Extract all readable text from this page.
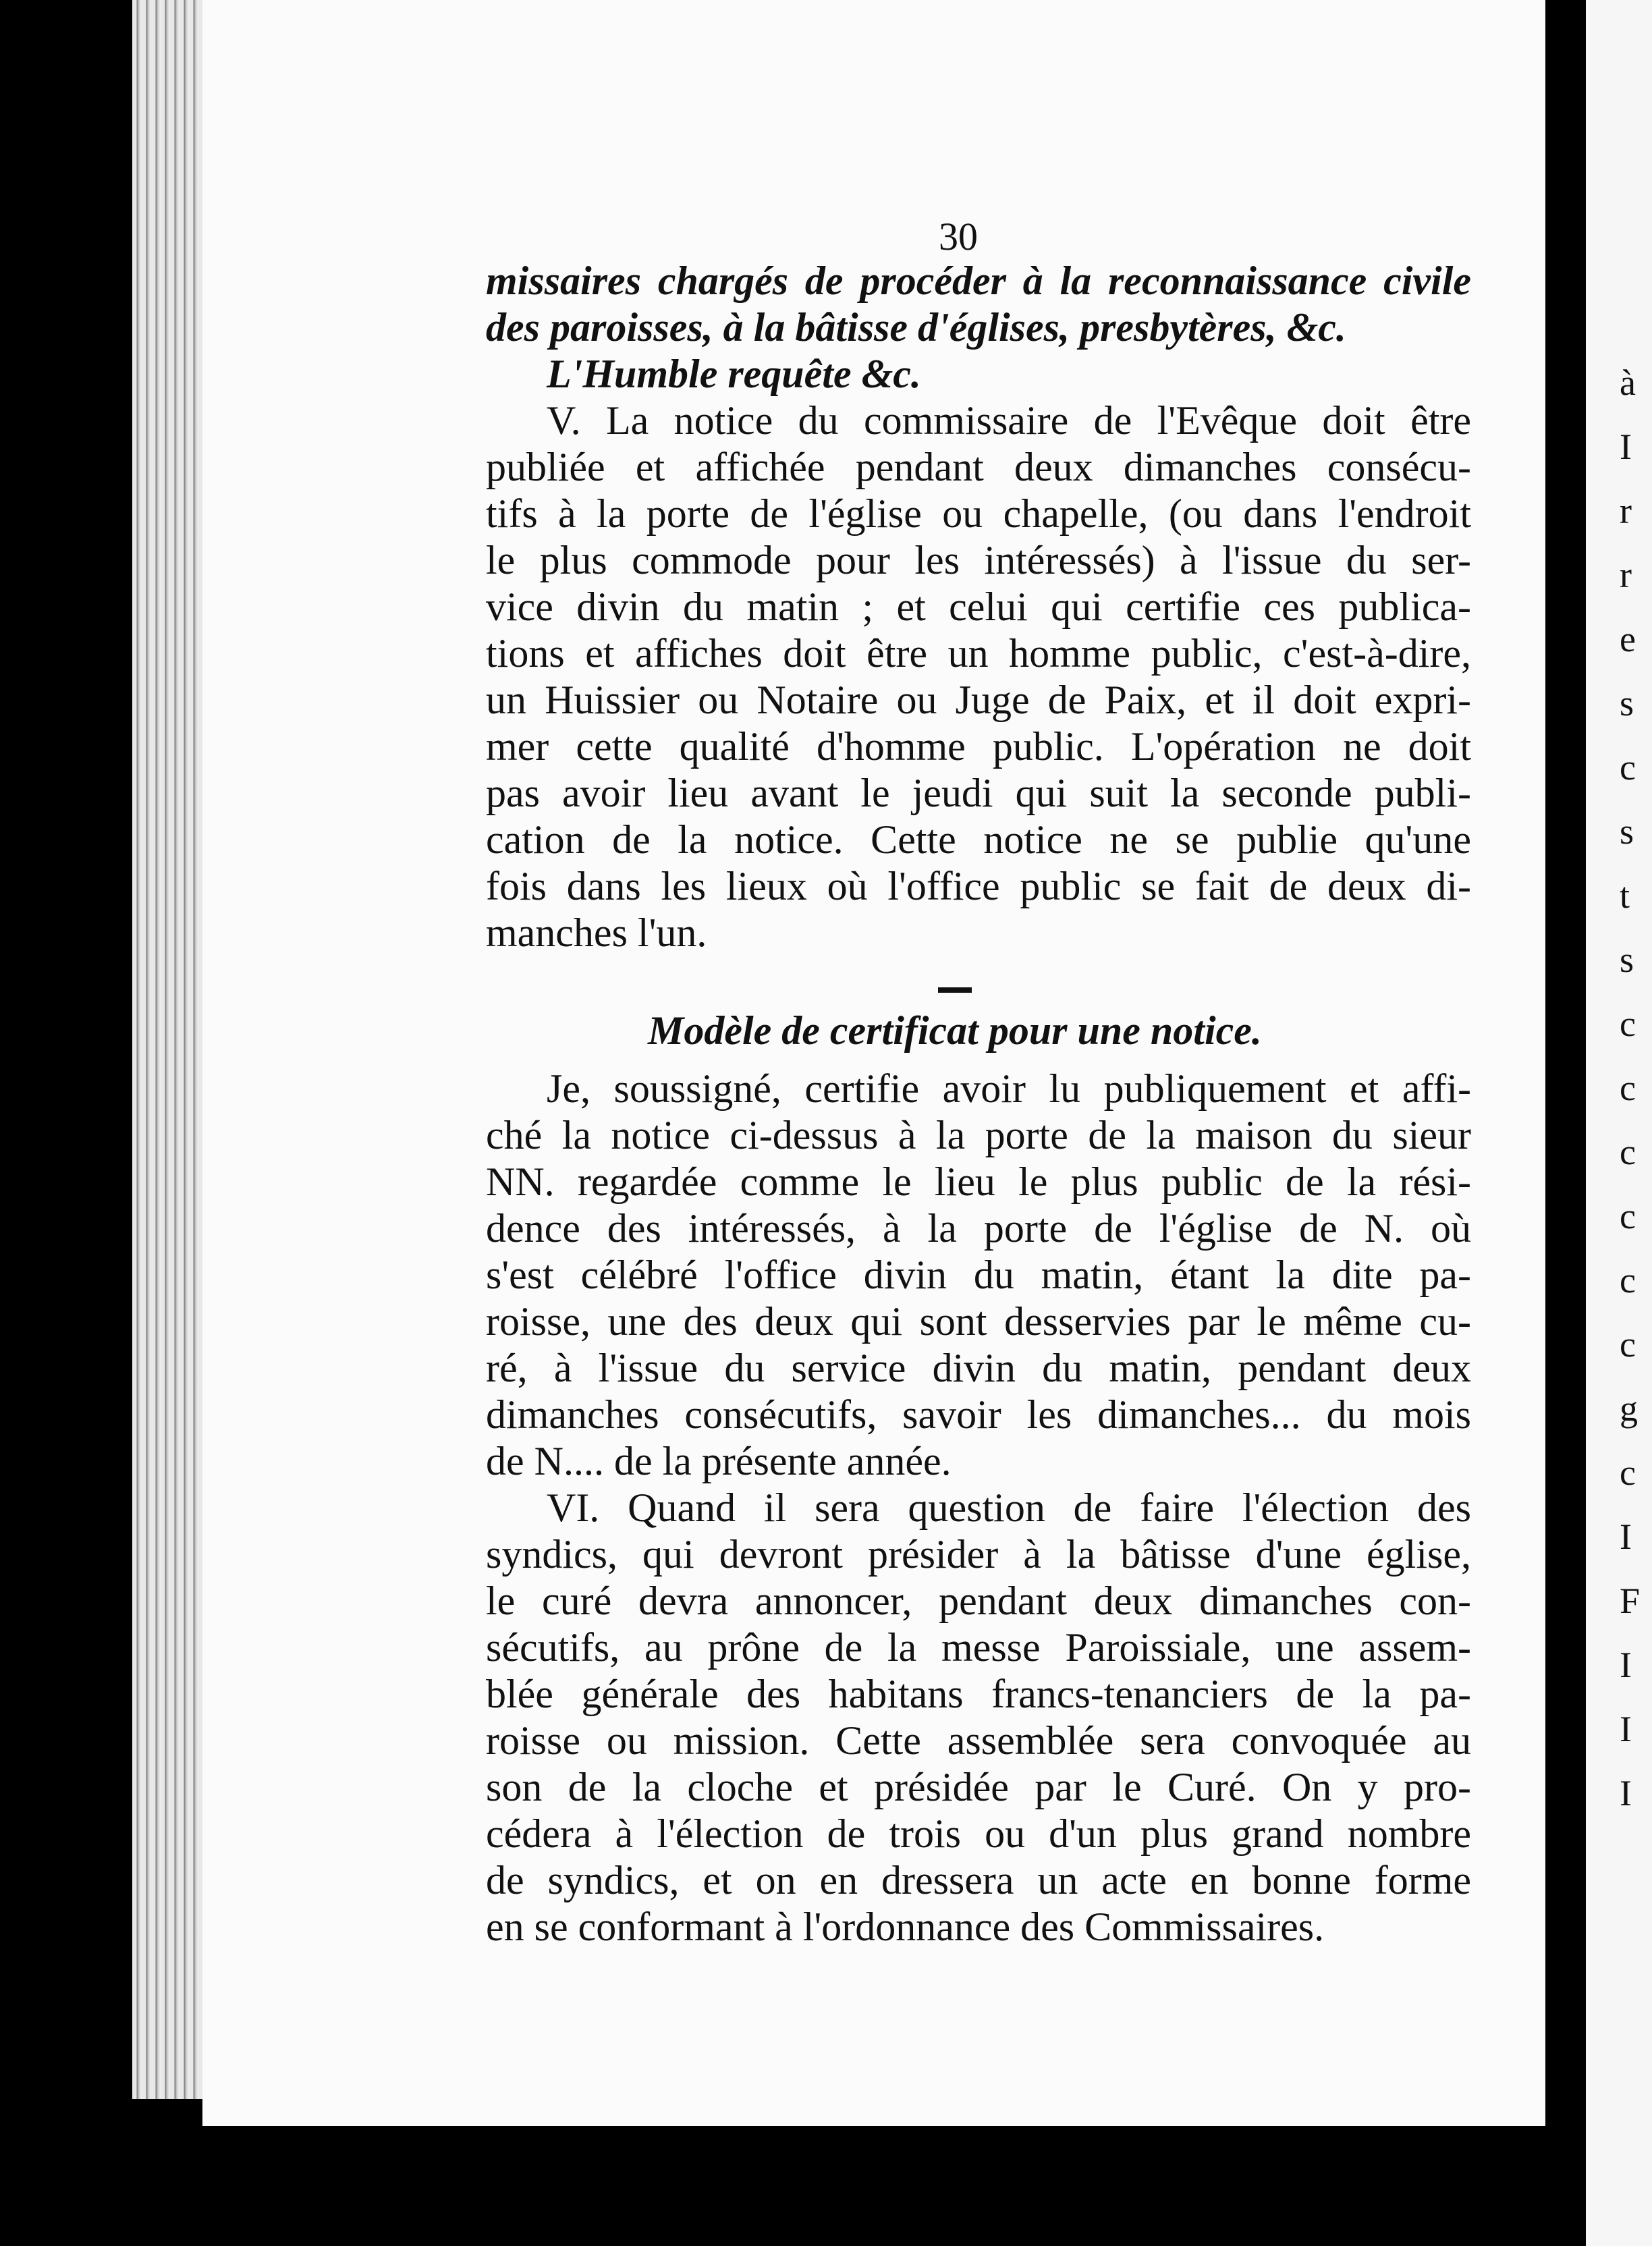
à
I
r
r
e
s
c
s
t
s
c
c
c
c
c
c
g
c
I
F
I
I
I
30
missaires chargés de procéder à la reconnaissance civile
des paroisses, à la bâtisse d'églises, presbytères, &c.
L'Humble requête &c.
V. La notice du commissaire de l'Evêque doit être
publiée et affichée pendant deux dimanches consécu-
tifs à la porte de l'église ou chapelle, (ou dans l'endroit
le plus commode pour les intéressés) à l'issue du ser-
vice divin du matin ; et celui qui certifie ces publica-
tions et affiches doit être un homme public, c'est-à-dire,
un Huissier ou Notaire ou Juge de Paix, et il doit expri-
mer cette qualité d'homme public. L'opération ne doit
pas avoir lieu avant le jeudi qui suit la seconde publi-
cation de la notice. Cette notice ne se publie qu'une
fois dans les lieux où l'office public se fait de deux di-
manches l'un.
Modèle de certificat pour une notice.
Je, soussigné, certifie avoir lu publiquement et affi-
ché la notice ci-dessus à la porte de la maison du sieur
NN. regardée comme le lieu le plus public de la rési-
dence des intéressés, à la porte de l'église de N. où
s'est célébré l'office divin du matin, étant la dite pa-
roisse, une des deux qui sont desservies par le même cu-
ré, à l'issue du service divin du matin, pendant deux
dimanches consécutifs, savoir les dimanches... du mois
de N.... de la présente année.
VI. Quand il sera question de faire l'élection des
syndics, qui devront présider à la bâtisse d'une église,
le curé devra annoncer, pendant deux dimanches con-
sécutifs, au prône de la messe Paroissiale, une assem-
blée générale des habitans francs-tenanciers de la pa-
roisse ou mission. Cette assemblée sera convoquée au
son de la cloche et présidée par le Curé. On y pro-
cédera à l'élection de trois ou d'un plus grand nombre
de syndics, et on en dressera un acte en bonne forme
en se conformant à l'ordonnance des Commissaires.
